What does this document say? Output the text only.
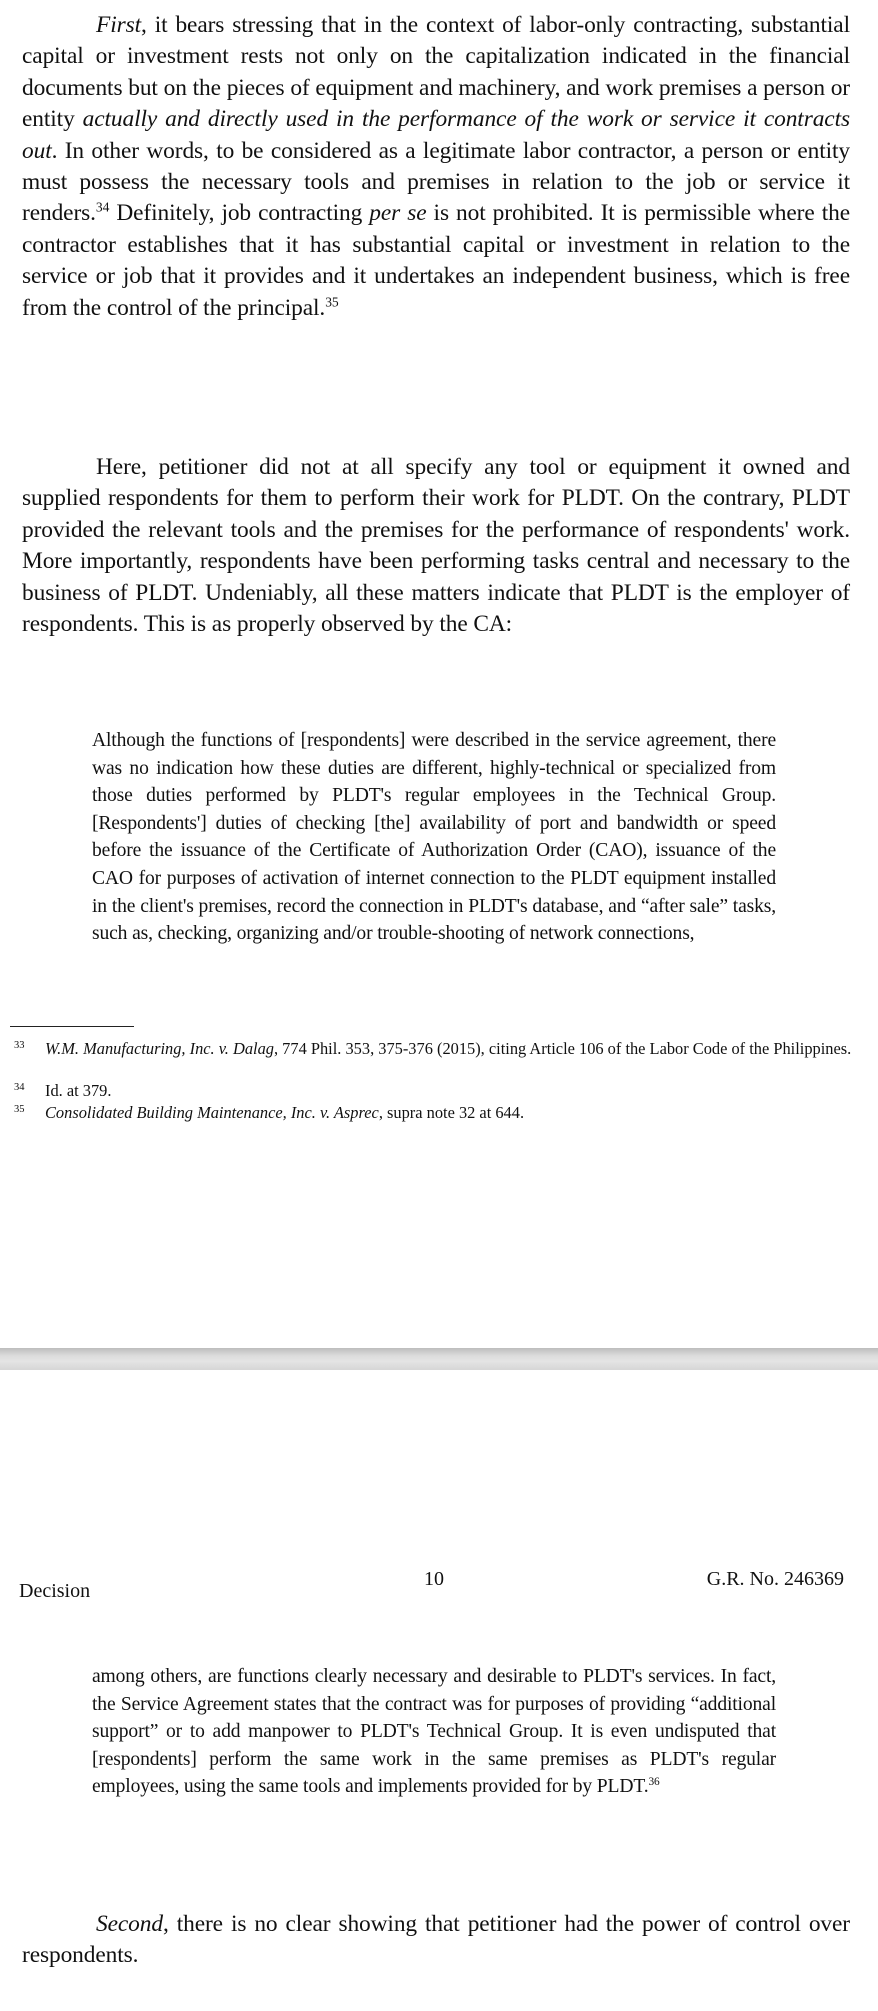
First, it bears stressing that in the context of labor-only contracting, substantial capital or investment rests not only on the capitalization indicated in the financial documents but on the pieces of equipment and machinery, and work premises a person or entity actually and directly used in the performance of the work or service it contracts out. In other words, to be considered as a legitimate labor contractor, a person or entity must possess the necessary tools and premises in relation to the job or service it renders.$^{34}$ Definitely, job contracting per se is not prohibited. It is permissible where the contractor establishes that it has substantial capital or investment in relation to the service or job that it provides and it undertakes an independent business, which is free from the control of the principal.$^{35}$

Here, petitioner did not at all specify any tool or equipment it owned and supplied respondents for them to perform their work for PLDT. On the contrary, PLDT provided the relevant tools and the premises for the performance of respondents' work. More importantly, respondents have been performing tasks central and necessary to the business of PLDT. Undeniably, all these matters indicate that PLDT is the employer of respondents. This is as properly observed by the CA:

Although the functions of [respondents] were described in the service agreement, there was no indication how these duties are different, highly-technical or specialized from those duties performed by PLDT's regular employees in the Technical Group. [Respondents'] duties of checking [the] availability of port and bandwidth or speed before the issuance of the Certificate of Authorization Order (CAO), issuance of the CAO for purposes of activation of internet connection to the PLDT equipment installed in the client's premises, record the connection in PLDT's database, and “after sale” tasks, such as, checking, organizing and/or trouble-shooting of network connections,

33 W.M. Manufacturing, Inc. v. Dalag, 774 Phil. 353, 375-376 (2015), citing Article 106 of the Labor Code of the Philippines.

34 Id. at 379.

35 Consolidated Building Maintenance, Inc. v. Asprec, supra note 32 at 644.

Decision
10	G.R. No. 246369

among others, are functions clearly necessary and desirable to PLDT's services. In fact, the Service Agreement states that the contract was for purposes of providing “additional support” or to add manpower to PLDT's Technical Group. It is even undisputed that [respondents] perform the same work in the same premises as PLDT's regular employees, using the same tools and implements provided for by PLDT.$^{36}$

Second, there is no clear showing that petitioner had the power of control over respondents.
